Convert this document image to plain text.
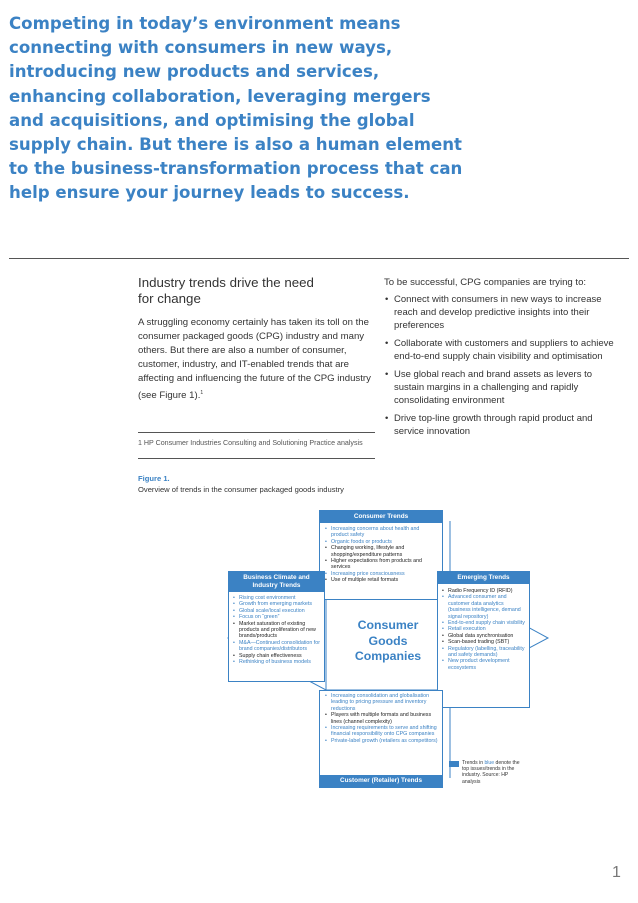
Competing in today’s environment means
connecting with consumers in new ways,
introducing new products and services,
enhancing collaboration, leveraging mergers
and acquisitions, and optimising the global
supply chain. But there is also a human element
to the business-transformation process that can
help ensure your journey leads to success.
Industry trends drive the need
for change

A struggling economy certainly has taken its toll on the consumer packaged goods (CPG) industry and many others. But there are also a number of consumer, customer, industry, and IT-enabled trends that are affecting and influencing the future of the CPG industry (see Figure 1).$^1$

To be successful, CPG companies are trying to:

• Connect with consumers in new ways to increase reach and develop predictive insights into their preferences
• Collaborate with customers and suppliers to achieve end-to-end supply chain visibility and optimisation
• Use global reach and brand assets as levers to sustain margins in a challenging and rapidly consolidating environment
• Drive top-line growth through rapid product and service innovation
1 HP Consumer Industries Consulting and Solutioning Practice analysis
Figure 1.
Overview of trends in the consumer packaged goods industry
Consumer Trends
• Increasing concerns about health and product safety
• Organic foods or products
• Changing working, lifestyle and shopping/expenditure patterns
• Higher expectations from products and services
• Increasing price consciousness
• Use of multiple retail formats
Business Climate and
Industry Trends
• Rising cost environment
• Growth from emerging markets
• Global scale/local execution
• Focus on “green”
• Market saturation of existing products and proliferation of new brands/products
• M&A—Continued consolidation for brand companies/distributors
• Supply chain effectiveness
• Rethinking of business models
Emerging Trends
• Radio Frequency ID (RFID)
• Advanced consumer and customer data analytics (business intelligence, demand signal repository)
• End-to-end supply chain visibility
• Retail execution
• Global data synchronisation
• Scan-based trading (SBT)
• Regulatory (labelling, traceability and safety demands)
• New product development ecosystems
• Increasing consolidation and globalisation leading to pricing pressure and inventory reductions
• Players with multiple formats and business lines (channel complexity)
• Increasing requirements to serve and shifting financial responsibility onto CPG companies
• Private-label growth (retailers as competitors)
Customer (Retailer) Trends
Consumer
Goods
Companies
Trends in blue denote the top issues/trends in the industry. Source: HP analysis
1
